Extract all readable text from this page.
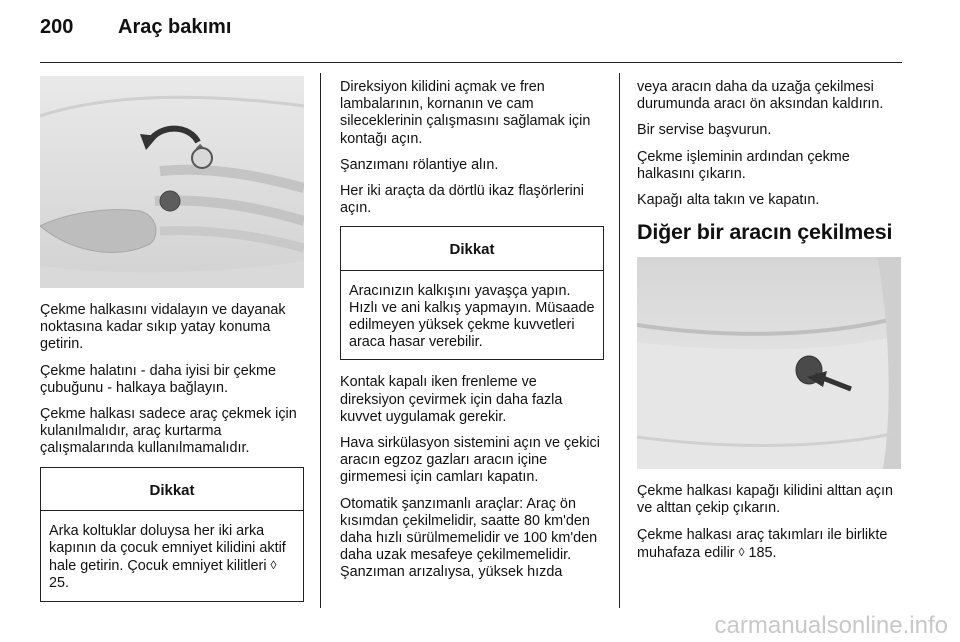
200	Araç bakımı

Çekme halkasını vidalayın ve dayanak noktasına kadar sıkıp yatay konuma getirin.

Çekme halatını - daha iyisi bir çekme çubuğunu - halkaya bağlayın.

Çekme halkası sadece araç çekmek için kulanılmalıdır, araç kurtarma çalışmalarında kullanılmamalıdır.

Dikkat
Arka koltuklar doluysa her iki arka kapının da çocuk emniyet kilidini aktif hale getirin. Çocuk emniyet kilitleri ◊ 25.

Direksiyon kilidini açmak ve fren lambalarının, kornanın ve cam sileceklerinin çalışmasını sağlamak için kontağı açın.

Şanzımanı rölantiye alın.

Her iki araçta da dörtlü ikaz flaşörlerini açın.

Dikkat
Aracınızın kalkışını yavaşça yapın. Hızlı ve ani kalkış yapmayın. Müsaade edilmeyen yüksek çekme kuvvetleri araca hasar verebilir.

Kontak kapalı iken frenleme ve direksiyon çevirmek için daha fazla kuvvet uygulamak gerekir.

Hava sirkülasyon sistemini açın ve çekici aracın egzoz gazları aracın içine girmemesi için camları kapatın.

Otomatik şanzımanlı araçlar: Araç ön kısımdan çekilmelidir, saatte 80 km'den daha hızlı sürülmemelidir ve 100 km'den daha uzak mesafeye çekilmemelidir. Şanzıman arızalıysa, yüksek hızda

veya aracın daha da uzağa çekilmesi durumunda aracı ön aksından kaldırın.

Bir servise başvurun.

Çekme işleminin ardından çekme halkasını çıkarın.

Kapağı alta takın ve kapatın.

Diğer bir aracın çekilmesi

Çekme halkası kapağı kilidini alttan açın ve alttan çekip çıkarın.

Çekme halkası araç takımları ile birlikte muhafaza edilir ◊ 185.

carmanualsonline.info
